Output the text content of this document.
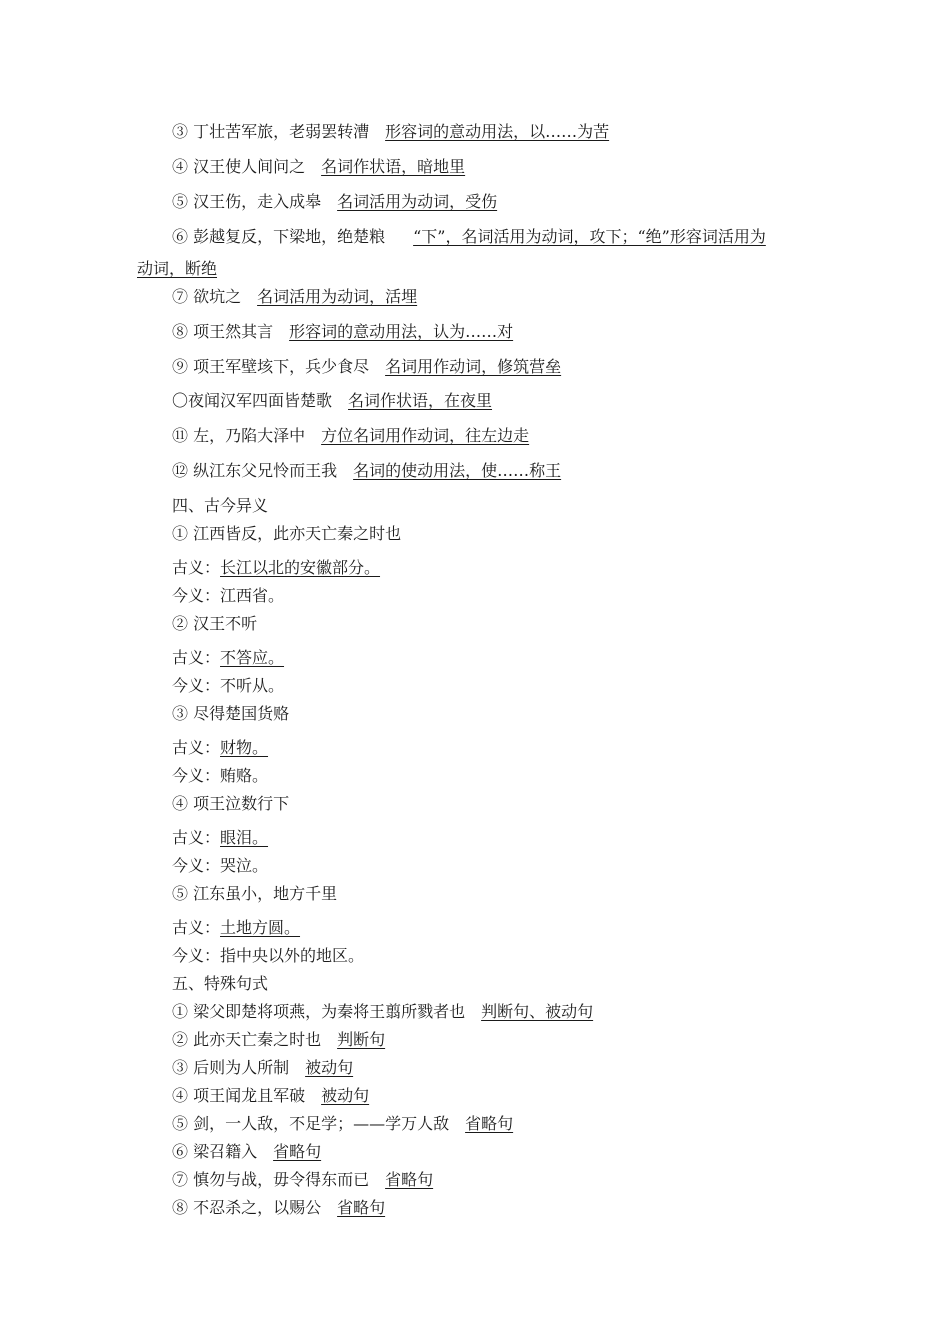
③ 丁壮苦军旅，老弱罢转漕 形容词的意动用法，以……为苦
④ 汉王使人间问之 名词作状语，暗地里
⑤ 汉王伤，走入成皋 名词活用为动词，受伤
⑥ 彭越复反，下梁地，绝楚粮 “下”，名词活用为动词，攻下；“绝”形容词活用为
动词，断绝
⑦ 欲坑之 名词活用为动词，活埋
⑧ 项王然其言 形容词的意动用法，认为……对
⑨ 项王军壁垓下，兵少食尽 名词用作动词，修筑营垒
〇夜闻汉军四面皆楚歌 名词作状语，在夜里
⑪ 左，乃陷大泽中 方位名词用作动词，往左边走
⑫ 纵江东父兄怜而王我 名词的使动用法，使……称王
四、古今异义
① 江西皆反，此亦天亡秦之时也
古义：长江以北的安徽部分。
今义：江西省。
② 汉王不听
古义：不答应。
今义：不听从。
③ 尽得楚国货赂
古义：财物。
今义：贿赂。
④ 项王泣数行下
古义：眼泪。
今义：哭泣。
⑤ 江东虽小，地方千里
古义：土地方圆。
今义：指中央以外的地区。
五、特殊句式
① 梁父即楚将项燕，为秦将王翦所戮者也 判断句、被动句
② 此亦天亡秦之时也 判断句
③ 后则为人所制 被动句
④ 项王闻龙且军破 被动句
⑤ 剑，一人敌，不足学；——学万人敌 省略句
⑥ 梁召籍入 省略句
⑦ 慎勿与战，毋令得东而已 省略句
⑧ 不忍杀之，以赐公 省略句
